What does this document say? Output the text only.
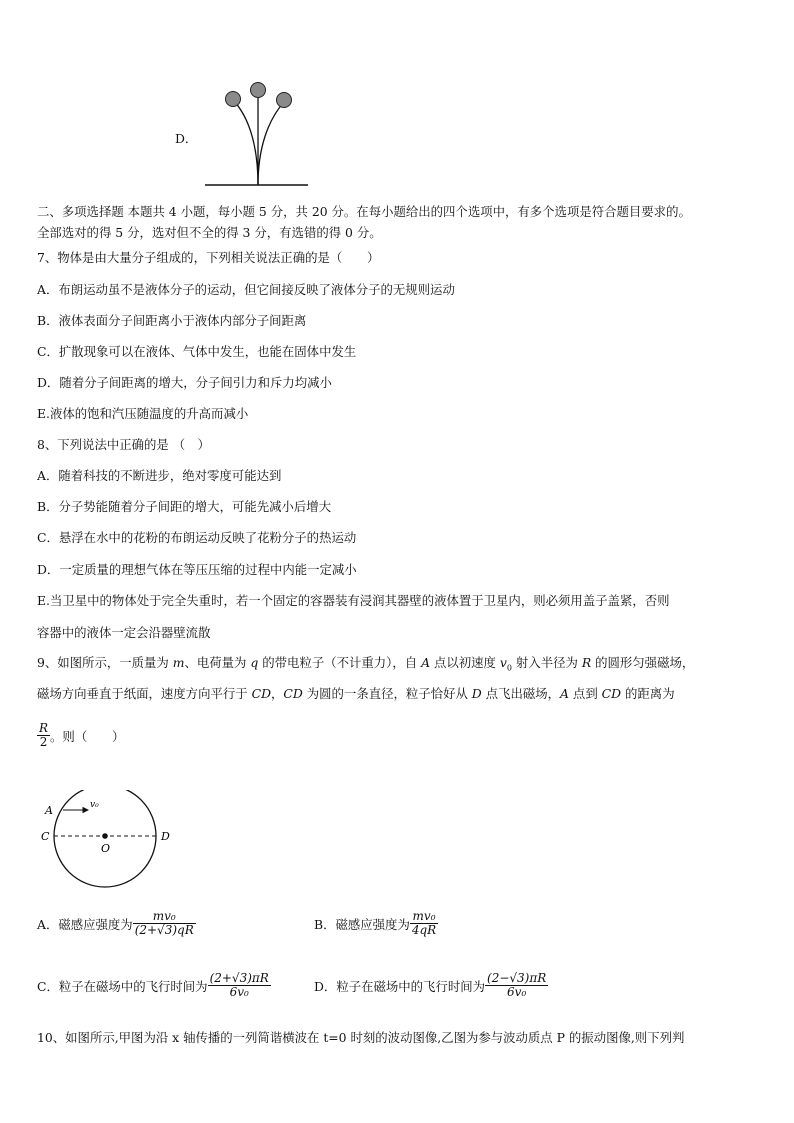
D．
二、多项选择题 本题共 4 小题，每小题 5 分，共 20 分。在每小题给出的四个选项中，有多个选项是符合题目要求的。
全部选对的得 5 分，选对但不全的得 3 分，有选错的得 0 分。
7、物体是由大量分子组成的，下列相关说法正确的是（　　）
A．布朗运动虽不是液体分子的运动，但它间接反映了液体分子的无规则运动
B．液体表面分子间距离小于液体内部分子间距离
C．扩散现象可以在液体、气体中发生，也能在固体中发生
D．随着分子间距离的增大，分子间引力和斥力均减小
E.液体的饱和汽压随温度的升高而减小
8、下列说法中正确的是 （　）
A．随着科技的不断进步，绝对零度可能达到
B．分子势能随着分子间距的增大，可能先减小后增大
C．悬浮在水中的花粉的布朗运动反映了花粉分子的热运动
D．一定质量的理想气体在等压压缩的过程中内能一定减小
E.当卫星中的物体处于完全失重时，若一个固定的容器装有浸润其器壁的液体置于卫星内，则必须用盖子盖紧，否则
容器中的液体一定会沿器壁流散
9、如图所示，一质量为 m、电荷量为 q 的带电粒子（不计重力），自 A 点以初速度 $v_0$ 射入半径为 R 的圆形匀强磁场，
磁场方向垂直于纸面，速度方向平行于 CD，CD 为圆的一条直径，粒子恰好从 D 点飞出磁场，A 点到 CD 的距离为
$\frac{R}{2}$ 。则（　　）
A	v₀
C	D
O
A．磁感应强度为 $\frac{\text{mv₀}}{(2+√3)qR}$	B．磁感应强度为 $\frac{\text{mv₀}}{4qR}$
C．粒子在磁场中的飞行时间为 $\frac{(2+√3)\pi R}{\text{6v₀}}$	D．粒子在磁场中的飞行时间为 $\frac{(2-√3)\pi R}{\text{6v₀}}$
10、如图所示,甲图为沿 x 轴传播的一列简谐横波在 t=0 时刻的波动图像,乙图为参与波动质点 P 的振动图像,则下列判
